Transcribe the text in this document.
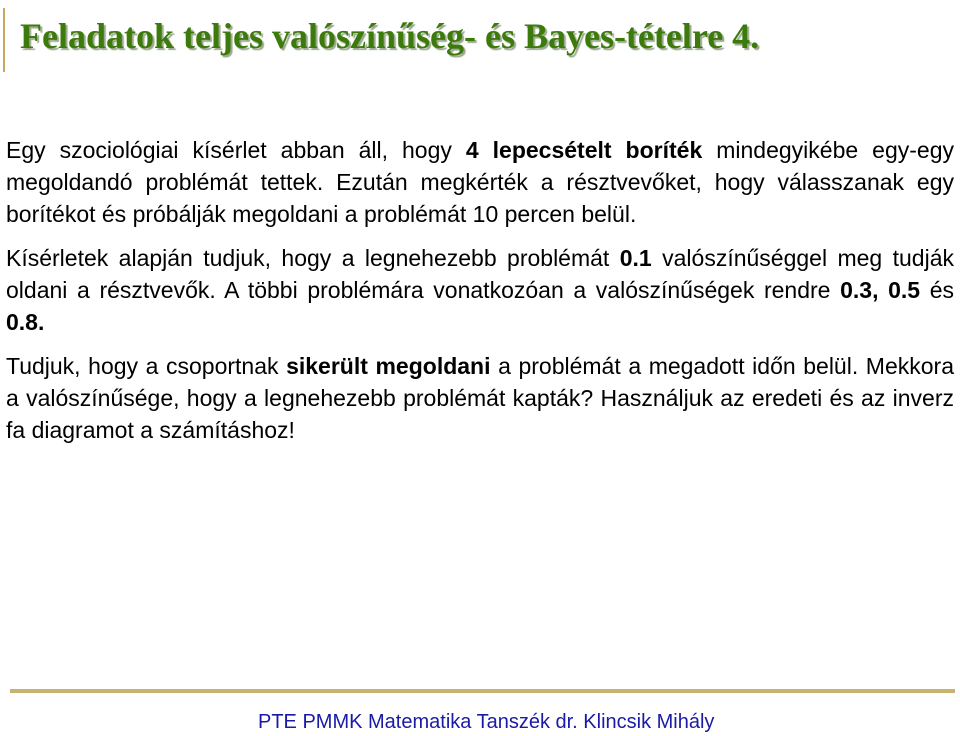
Feladatok teljes valószínűség- és Bayes-tételre 4.

Egy szociológiai kísérlet abban áll, hogy 4 lepecsételt boríték mindegyikébe egy-egy megoldandó problémát tettek. Ezután megkérték a résztvevőket, hogy válasszanak egy borítékot és próbálják megoldani a problémát 10 percen belül.

Kísérletek alapján tudjuk, hogy a legnehezebb problémát 0.1 valószínűséggel meg tudják oldani a résztvevők. A többi problémára vonatkozóan a valószínűségek rendre 0.3, 0.5 és 0.8.

Tudjuk, hogy a csoportnak sikerült megoldani a problémát a megadott időn belül. Mekkora a valószínűsége, hogy a legnehezebb problémát kapták? Használjuk az eredeti és az inverz fa diagramot a számításhoz!

PTE PMMK Matematika Tanszék dr. Klincsik Mihály
